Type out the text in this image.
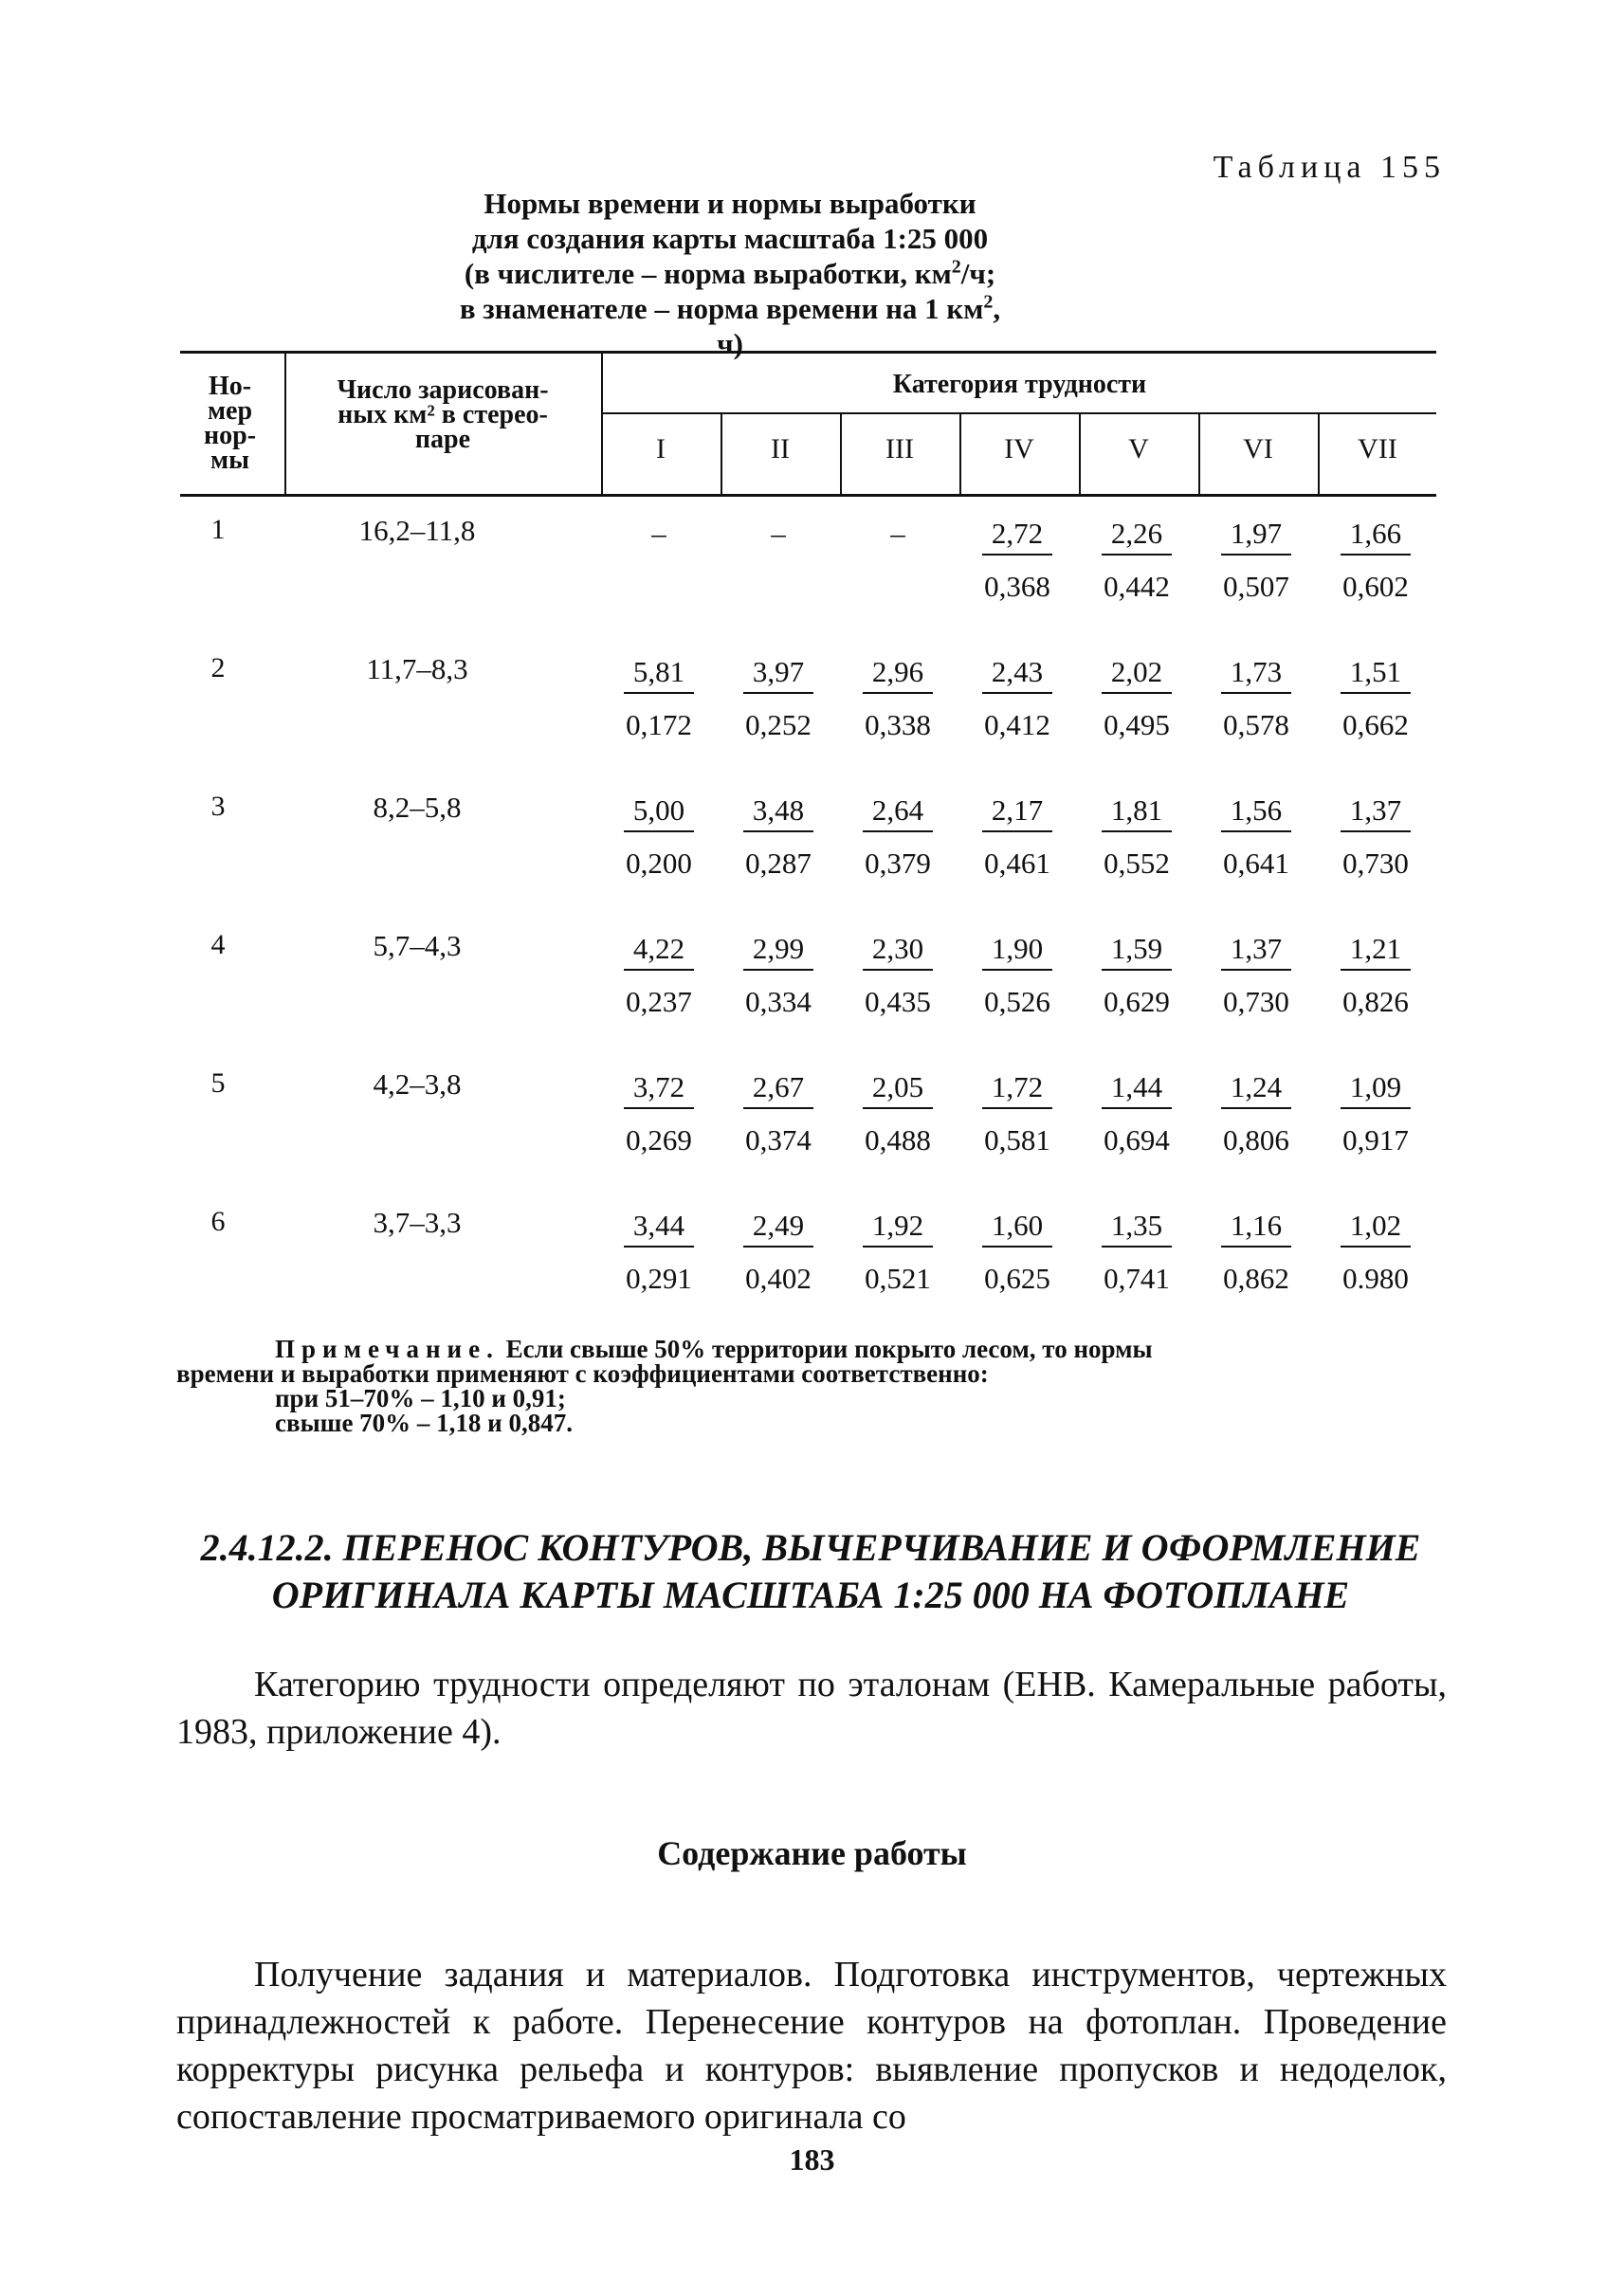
Таблица 155
Нормы времени и нормы выработки
для создания карты масштаба 1:25 000
(в числителе – норма выработки, $км^2/ч$;
в знаменателе – норма времени на 1 $км^2$, ч)
Но-
мер
нор-
мы
Число зарисован-
ных км² в стерео-
паре
Категория трудности
I	II	III	IV	V	VI	VII
1	16,2–11,8	–	–	–	$\frac{2,72}{0,368} \frac{2,26}{0,442} \frac{1,97}{0,507} \frac{1,66}{0,602}$
2	11,7–8,3	$\frac{5,81}{0,172} \frac{3,97}{0,252} \frac{2,96}{0,338} \frac{2,43}{0,412} \frac{2,02}{0,495} \frac{1,73}{0,578} \frac{1,51}{0,662}$
3	8,2–5,8	$\frac{5,00}{0,200} \frac{3,48}{0,287} \frac{2,64}{0,379} \frac{2,17}{0,461} \frac{1,81}{0,552} \frac{1,56}{0,641} \frac{1,37}{0,730}$
4	5,7–4,3	$\frac{4,22}{0,237} \frac{2,99}{0,334} \frac{2,30}{0,435} \frac{1,90}{0,526} \frac{1,59}{0,629} \frac{1,37}{0,730} \frac{1,21}{0,826}$
5	4,2–3,8	$\frac{3,72}{0,269} \frac{2,67}{0,374} \frac{2,05}{0,488} \frac{1,72}{0,581} \frac{1,44}{0,694} \frac{1,24}{0,806} \frac{1,09}{0,917}$
6	3,7–3,3	$\frac{3,44}{0,291} \frac{2,49}{0,402} \frac{1,92}{0,521} \frac{1,60}{0,625} \frac{1,35}{0,741} \frac{1,16}{0,862} \frac{1,02}{0.980}$
Примечание. Если свыше 50% территории покрыто лесом, то нормы
времени и выработки применяют с коэффициентами соответственно:
при 51–70% – 1,10 и 0,91;
свыше 70% – 1,18 и 0,847.
2.4.12.2. ПЕРЕНОС КОНТУРОВ, ВЫЧЕРЧИВАНИЕ И ОФОРМЛЕНИЕ
ОРИГИНАЛА КАРТЫ МАСШТАБА 1:25 000 НА ФОТОПЛАНЕ
Категорию трудности определяют по эталонам (ЕНВ. Камеральные работы, 1983, приложение 4).
Содержание работы
Получение задания и материалов. Подготовка инструментов, чертежных принадлежностей к работе. Перенесение контуров на фотоплан. Проведение корректуры рисунка рельефа и контуров: выявление пропусков и недоделок, сопоставление просматриваемого оригинала со
183
